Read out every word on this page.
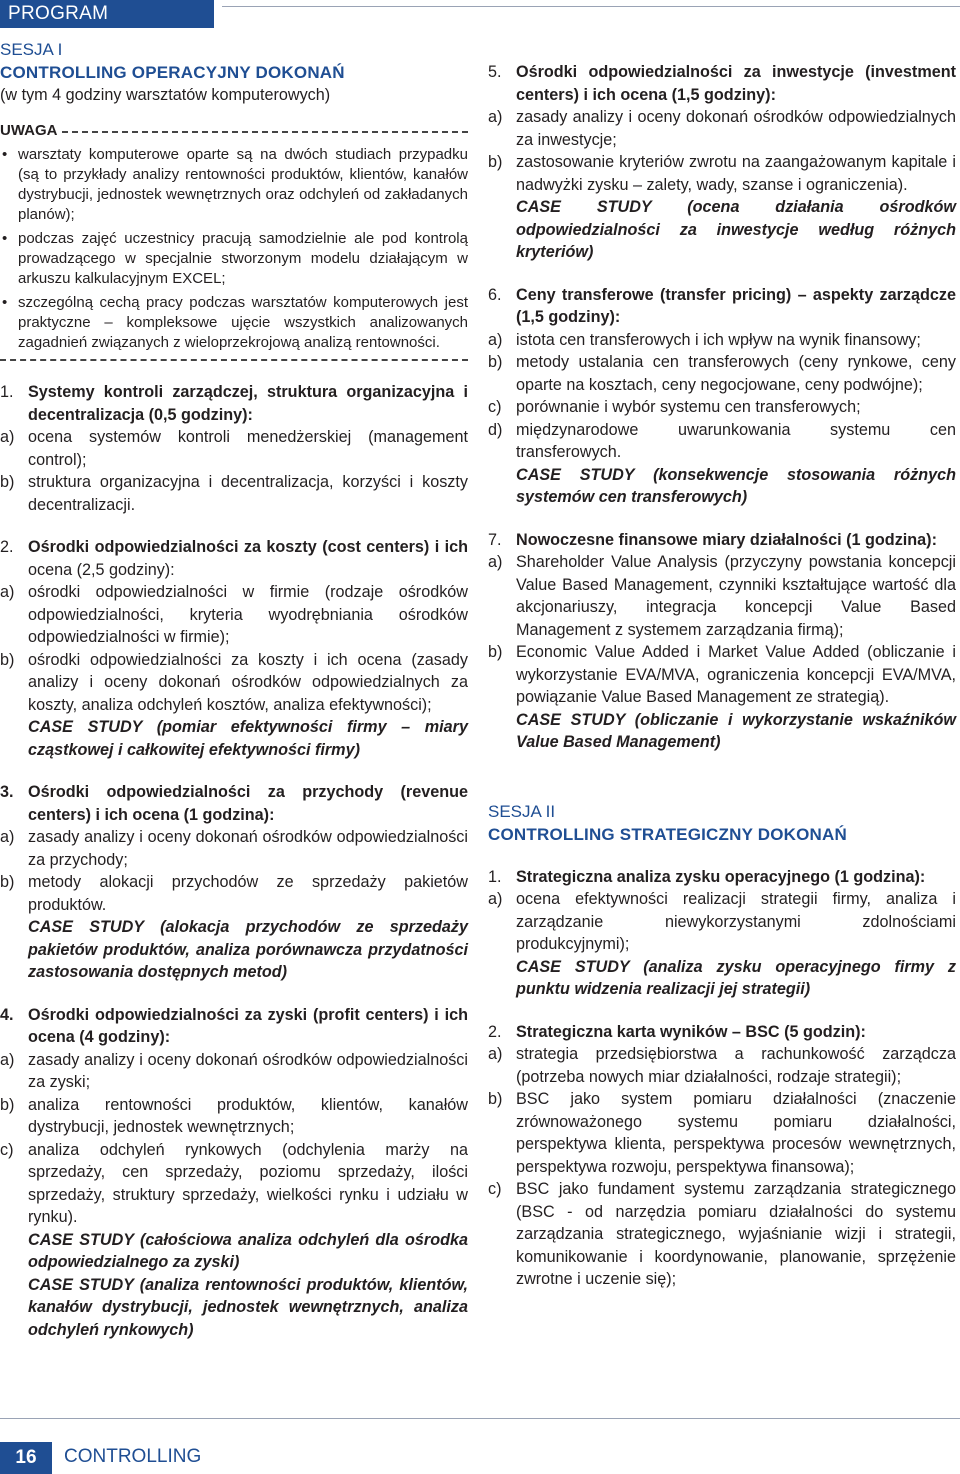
PROGRAM
SESJA I
CONTROLLING OPERACYJNY DOKONAŃ
(w tym 4 godziny warsztatów komputerowych)
UWAGA
• warsztaty komputerowe oparte są na dwóch studiach przypadku (są to przykłady analizy rentowności produktów, klientów, kanałów dystrybucji, jednostek wewnętrznych oraz odchyleń od zakładanych planów);
• podczas zajęć uczestnicy pracują samodzielnie ale pod kontrolą prowadzącego w specjalnie stworzonym modelu działającym w arkuszu kalkulacyjnym EXCEL;
• szczególną cechą pracy podczas warsztatów komputerowych jest praktyczne – kompleksowe ujęcie wszystkich analizowanych zagadnień związanych z wieloprzekrojową analizą rentowności.
1. Systemy kontroli zarządczej, struktura organizacyjna i decentralizacja (0,5 godziny):
a) ocena systemów kontroli menedżerskiej (management control);
b) struktura organizacyjna i decentralizacja, korzyści i koszty decentralizacji.
2. Ośrodki odpowiedzialności za koszty (cost centers) i ich ocena (2,5 godziny):
a) ośrodki odpowiedzialności w firmie (rodzaje ośrodków odpowiedzialności, kryteria wyodrębniania ośrodków odpowiedzialności w firmie);
b) ośrodki odpowiedzialności za koszty i ich ocena (zasady analizy i oceny dokonań ośrodków odpowiedzialnych za koszty, analiza odchyleń kosztów, analiza efektywności);
CASE STUDY (pomiar efektywności firmy – miary cząstkowej i całkowitej efektywności firmy)
3. Ośrodki odpowiedzialności za przychody (revenue centers) i ich ocena (1 godzina):
a) zasady analizy i oceny dokonań ośrodków odpowiedzialności za przychody;
b) metody alokacji przychodów ze sprzedaży pakietów produktów.
CASE STUDY (alokacja przychodów ze sprzedaży pakietów produktów, analiza porównawcza przydatności zastosowania dostępnych metod)
4. Ośrodki odpowiedzialności za zyski (profit centers) i ich ocena (4 godziny):
a) zasady analizy i oceny dokonań ośrodków odpowiedzialności za zyski;
b) analiza rentowności produktów, klientów, kanałów dystrybucji, jednostek wewnętrznych;
c) analiza odchyleń rynkowych (odchylenia marży na sprzedaży, cen sprzedaży, poziomu sprzedaży, ilości sprzedaży, struktury sprzedaży, wielkości rynku i udziału w rynku).
CASE STUDY (całościowa analiza odchyleń dla ośrodka odpowiedzialnego za zyski)
CASE STUDY (analiza rentowności produktów, klientów, kanałów dystrybucji, jednostek wewnętrznych, analiza odchyleń rynkowych)
5. Ośrodki odpowiedzialności za inwestycje (investment centers) i ich ocena (1,5 godziny):
a) zasady analizy i oceny dokonań ośrodków odpowiedzialnych za inwestycje;
b) zastosowanie kryteriów zwrotu na zaangażowanym kapitale i nadwyżki zysku – zalety, wady, szanse i ograniczenia).
CASE STUDY (ocena działania ośrodków odpowiedzialności za inwestycje według różnych kryteriów)
6. Ceny transferowe (transfer pricing) – aspekty zarządcze (1,5 godziny):
a) istota cen transferowych i ich wpływ na wynik finansowy;
b) metody ustalania cen transferowych (ceny rynkowe, ceny oparte na kosztach, ceny negocjowane, ceny podwójne);
c) porównanie i wybór systemu cen transferowych;
d) międzynarodowe uwarunkowania systemu cen transferowych.
CASE STUDY (konsekwencje stosowania różnych systemów cen transferowych)
7. Nowoczesne finansowe miary działalności (1 godzina):
a) Shareholder Value Analysis (przyczyny powstania koncepcji Value Based Management, czynniki kształtujące wartość dla akcjonariuszy, integracja koncepcji Value Based Management z systemem zarządzania firmą);
b) Economic Value Added i Market Value Added (obliczanie i wykorzystanie EVA/MVA, ograniczenia koncepcji EVA/MVA, powiązanie Value Based Management ze strategią).
CASE STUDY (obliczanie i wykorzystanie wskaźników Value Based Management)
SESJA II
CONTROLLING STRATEGICZNY DOKONAŃ
1. Strategiczna analiza zysku operacyjnego (1 godzina):
a) ocena efektywności realizacji strategii firmy, analiza i zarządzanie niewykorzystanymi zdolnościami produkcyjnymi);
CASE STUDY (analiza zysku operacyjnego firmy z punktu widzenia realizacji jej strategii)
2. Strategiczna karta wyników – BSC (5 godzin):
a) strategia przedsiębiorstwa a rachunkowość zarządcza (potrzeba nowych miar działalności, rodzaje strategii);
b) BSC jako system pomiaru działalności (znaczenie zrównoważonego systemu pomiaru działalności, perspektywa klienta, perspektywa procesów wewnętrznych, perspektywa rozwoju, perspektywa finansowa);
c) BSC jako fundament systemu zarządzania strategicznego (BSC - od narzędzia pomiaru działalności do systemu zarządzania strategicznego, wyjaśnianie wizji i strategii, komunikowanie i koordynowanie, planowanie, sprzężenie zwrotne i uczenie się);
16	CONTROLLING
